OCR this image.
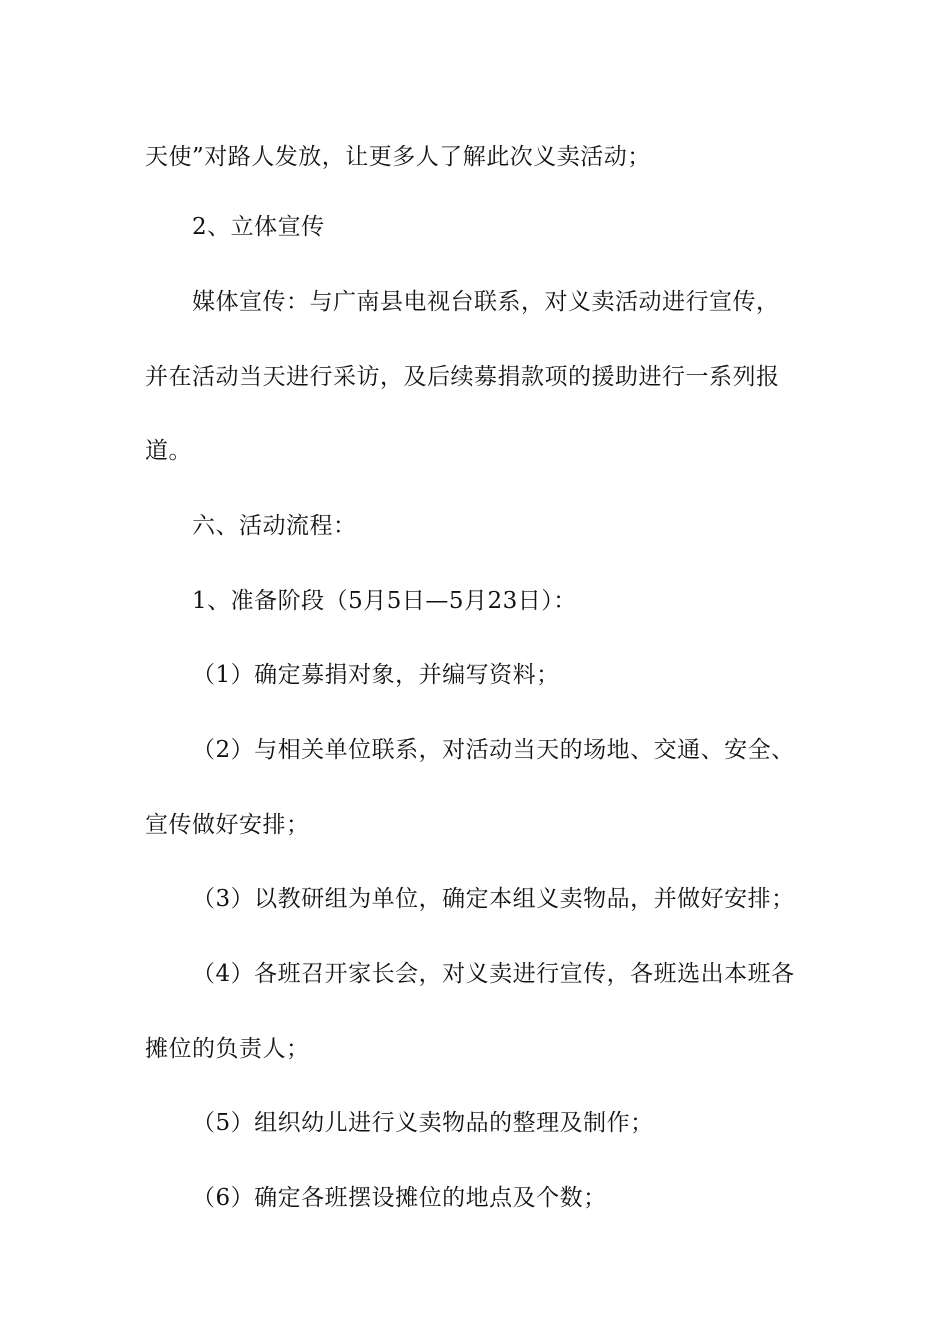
天使”对路人发放，让更多人了解此次义卖活动；
2、立体宣传
媒体宣传：与广南县电视台联系，对义卖活动进行宣传，
并在活动当天进行采访，及后续募捐款项的援助进行一系列报
道。
六、活动流程：
1、准备阶段（5月5日—5月23日）：
（1）确定募捐对象，并编写资料；
（2）与相关单位联系，对活动当天的场地、交通、安全、
宣传做好安排；
（3）以教研组为单位，确定本组义卖物品，并做好安排；
（4）各班召开家长会，对义卖进行宣传，各班选出本班各
摊位的负责人；
（5）组织幼儿进行义卖物品的整理及制作；
（6）确定各班摆设摊位的地点及个数；
